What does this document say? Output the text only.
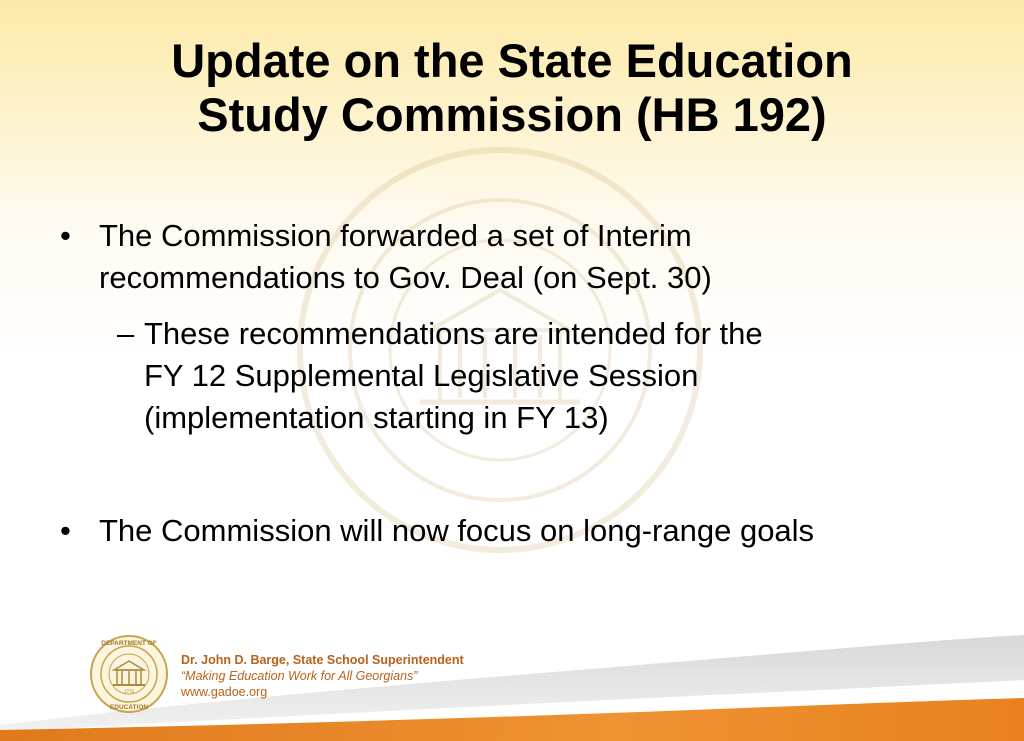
Update on the State Education
Study Commission (HB 192)
• The Commission forwarded a set of Interim
recommendations to Gov. Deal (on Sept. 30)
– These recommendations are intended for the
FY 12 Supplemental Legislative Session
(implementation starting in FY 13)
• The Commission will now focus on long-range goals
DEPARTMENT OF
EDUCATION
1776
Dr. John D. Barge, State School Superintendent
“Making Education Work for All Georgians”
www.gadoe.org
